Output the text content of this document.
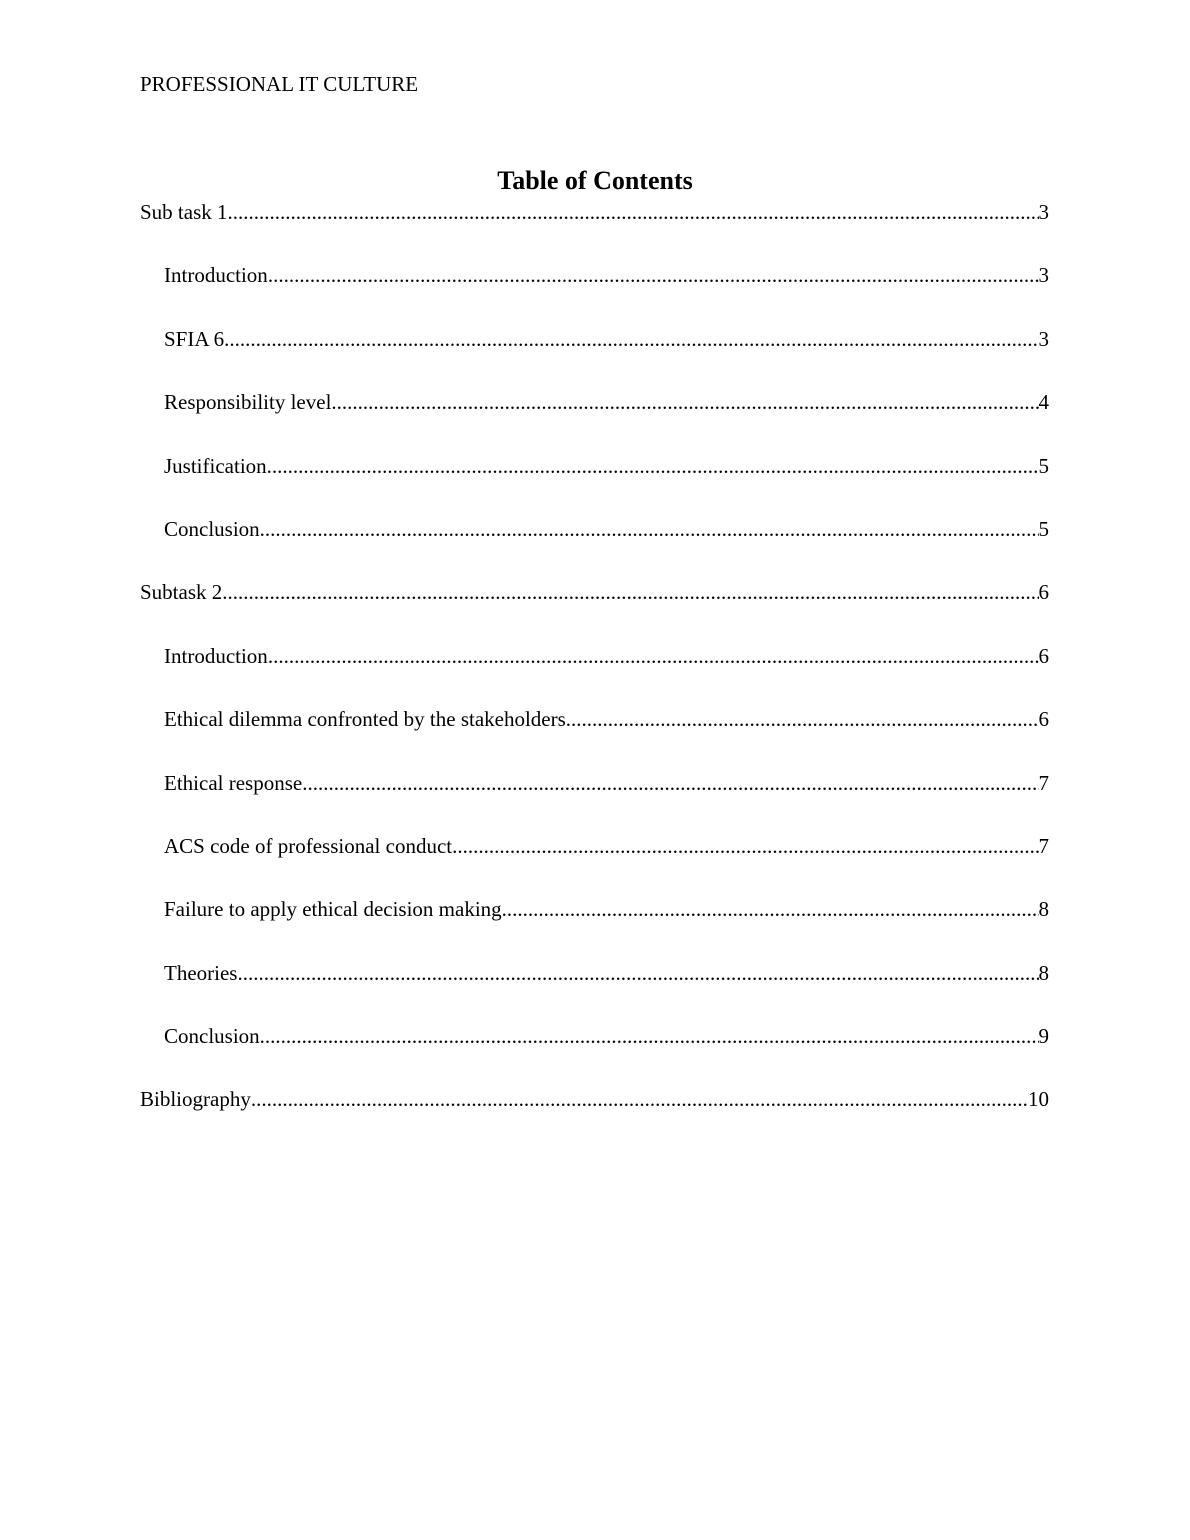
PROFESSIONAL IT CULTURE
Table of Contents
Sub task 1 .....	3
Introduction .....	3
SFIA 6 .....	3
Responsibility level .....	4
Justification .....	5
Conclusion .....	5
Subtask 2 .....	6
Introduction .....	6
Ethical dilemma confronted by the stakeholders .....	6
Ethical response .....	7
ACS code of professional conduct .....	7
Failure to apply ethical decision making .....	8
Theories .....	8
Conclusion .....	9
Bibliography .....	10
